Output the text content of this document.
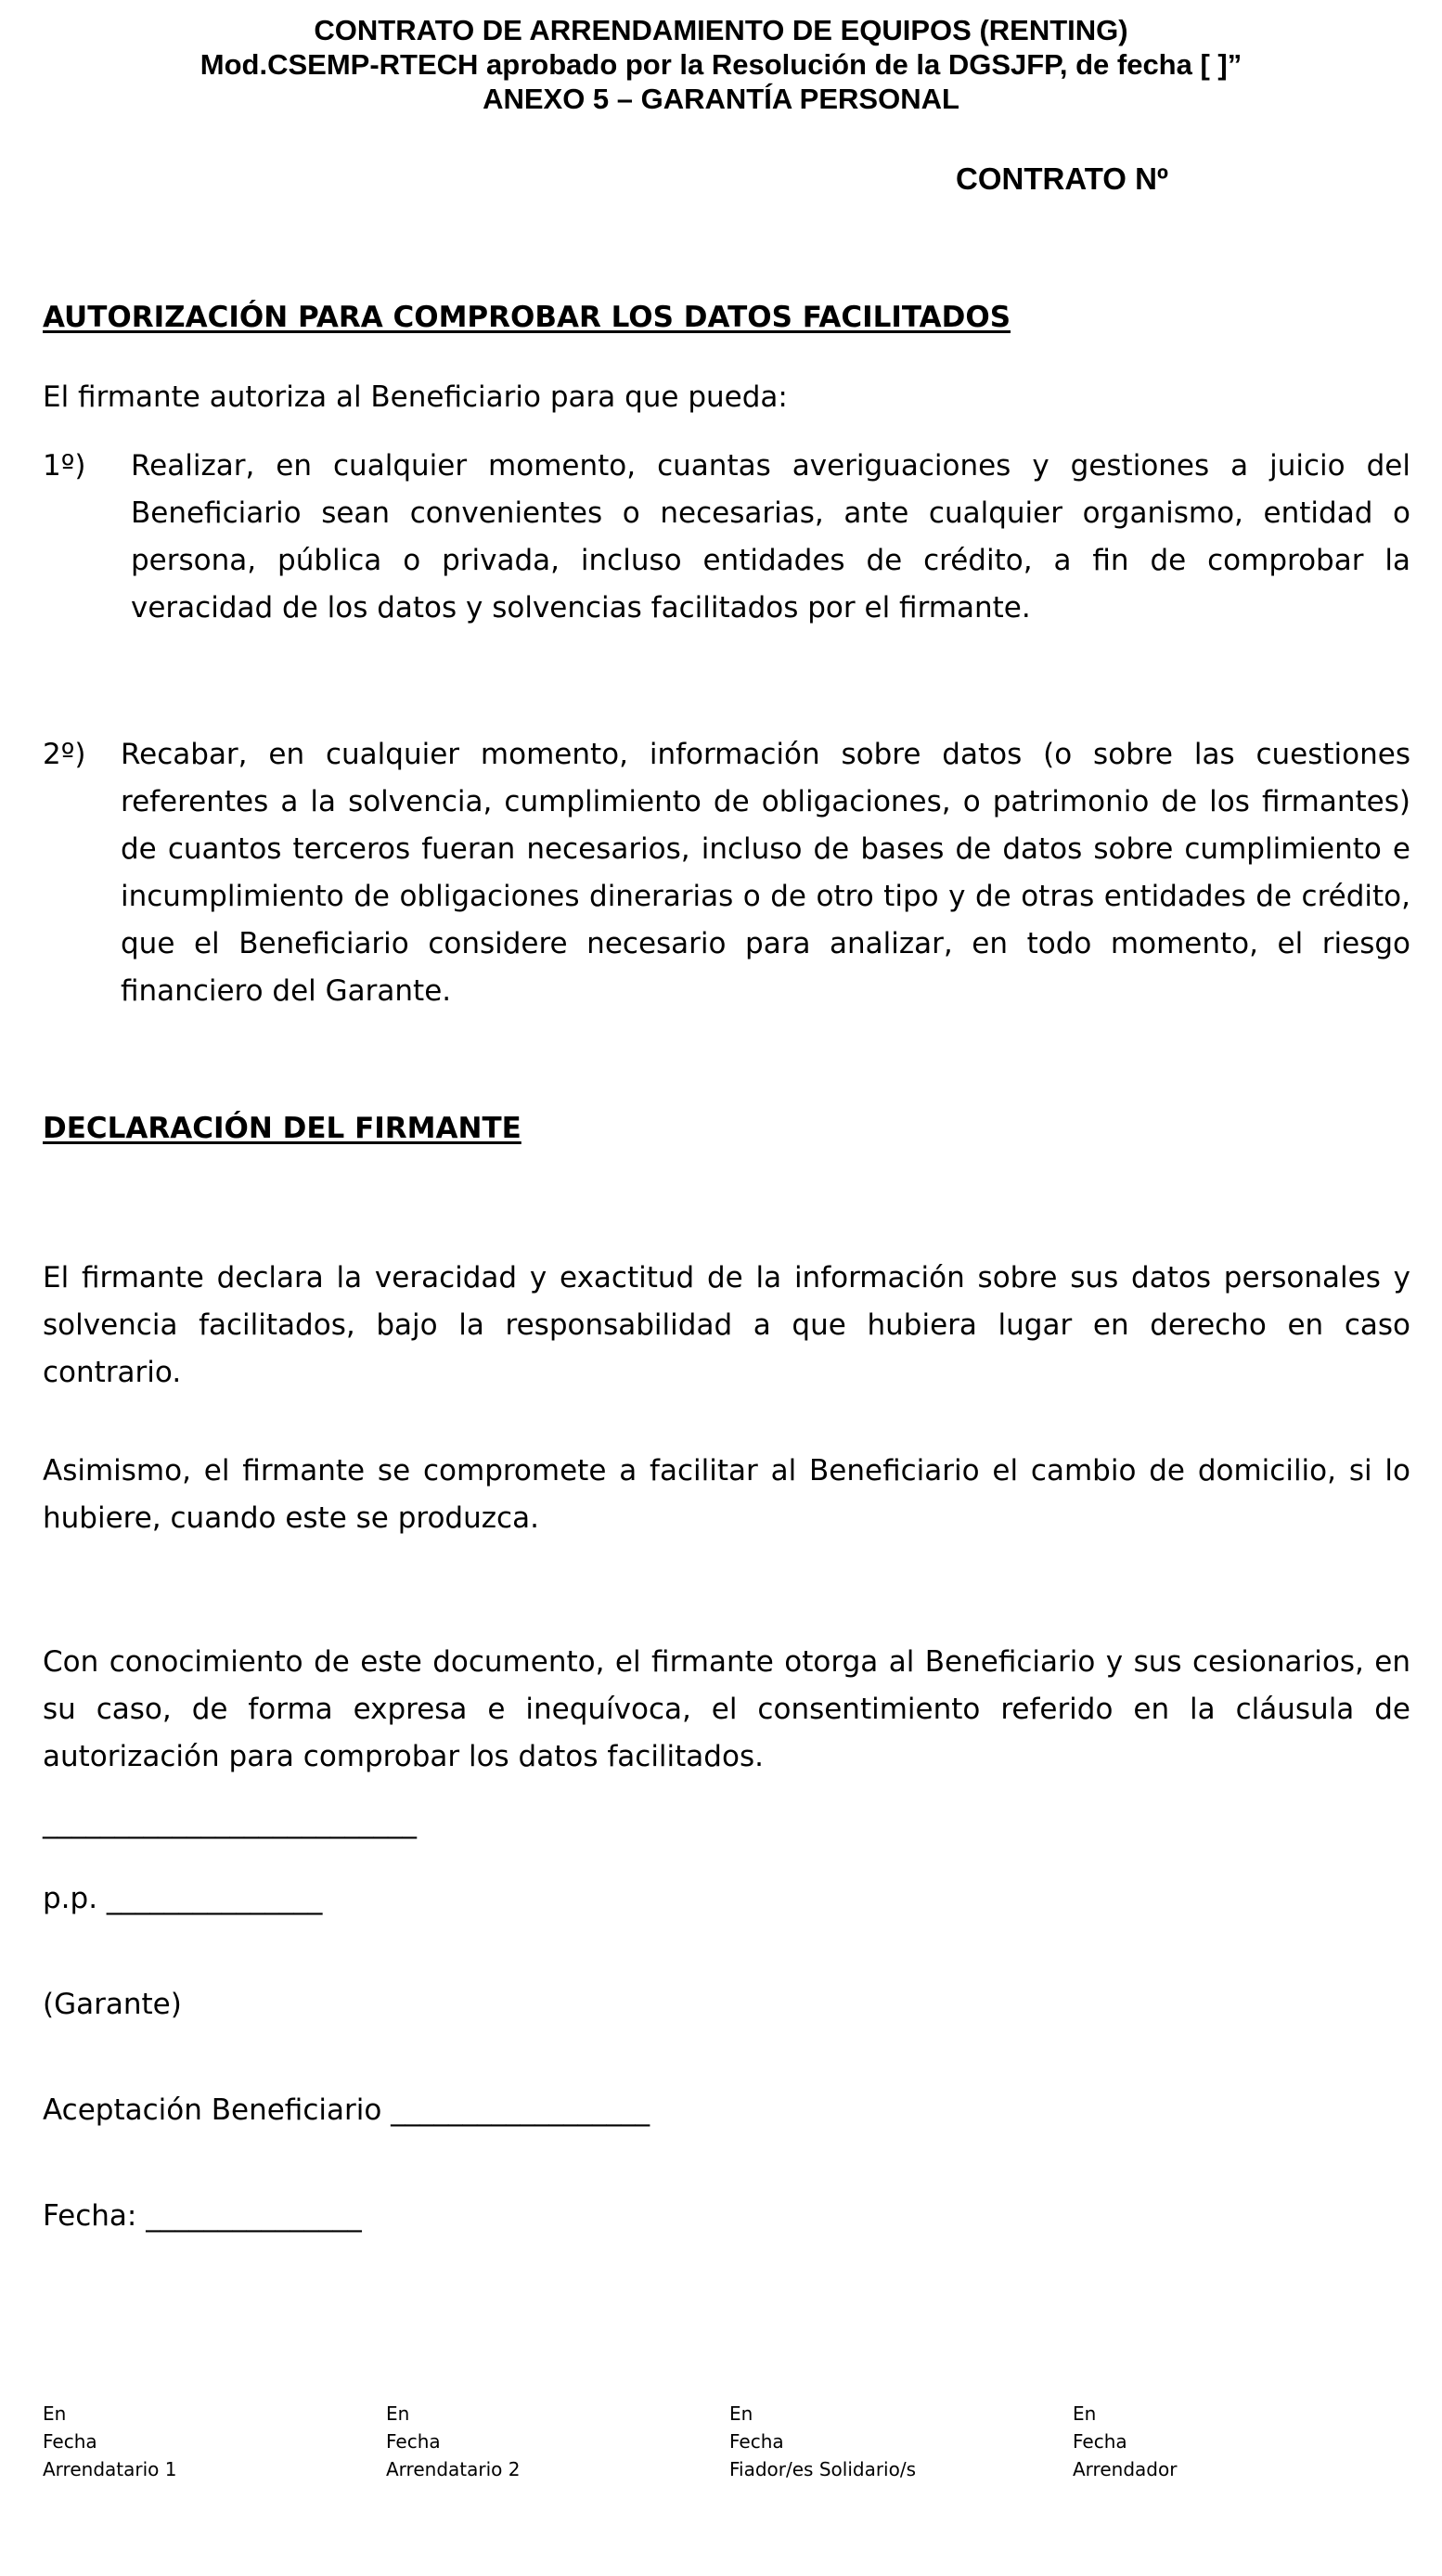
CONTRATO DE ARRENDAMIENTO DE EQUIPOS (RENTING)
Mod.CSEMP-RTECH aprobado por la Resolución de la DGSJFP, de fecha [ ]”
ANEXO 5 – GARANTÍA PERSONAL
CONTRATO Nº
AUTORIZACIÓN PARA COMPROBAR LOS DATOS FACILITADOS
El firmante autoriza al Beneficiario para que pueda:
1º) Realizar, en cualquier momento, cuantas averiguaciones y gestiones a juicio del Beneficiario sean convenientes o necesarias, ante cualquier organismo, entidad o persona, pública o privada, incluso entidades de crédito, a fin de comprobar la veracidad de los datos y solvencias facilitados por el firmante.
2º) Recabar, en cualquier momento, información sobre datos (o sobre las cuestiones referentes a la solvencia, cumplimiento de obligaciones, o patrimonio de los firmantes) de cuantos terceros fueran necesarios, incluso de bases de datos sobre cumplimiento e incumplimiento de obligaciones dinerarias o de otro tipo y de otras entidades de crédito, que el Beneficiario considere necesario para analizar, en todo momento, el riesgo financiero del Garante.
DECLARACIÓN DEL FIRMANTE
El firmante declara la veracidad y exactitud de la información sobre sus datos personales y solvencia facilitados, bajo la responsabilidad a que hubiera lugar en derecho en caso contrario.
Asimismo, el firmante se compromete a facilitar al Beneficiario el cambio de domicilio, si lo hubiere, cuando este se produzca.
Con conocimiento de este documento, el firmante otorga al Beneficiario y sus cesionarios, en su caso, de forma expresa e inequívoca, el consentimiento referido en la cláusula de autorización para comprobar los datos facilitados.
__________________________
p.p. _______________
(Garante)
Aceptación Beneficiario __________________
Fecha: _______________
En
Fecha
Arrendatario 1
En
Fecha
Arrendatario 2
En
Fecha
Fiador/es Solidario/s
En
Fecha
Arrendador
